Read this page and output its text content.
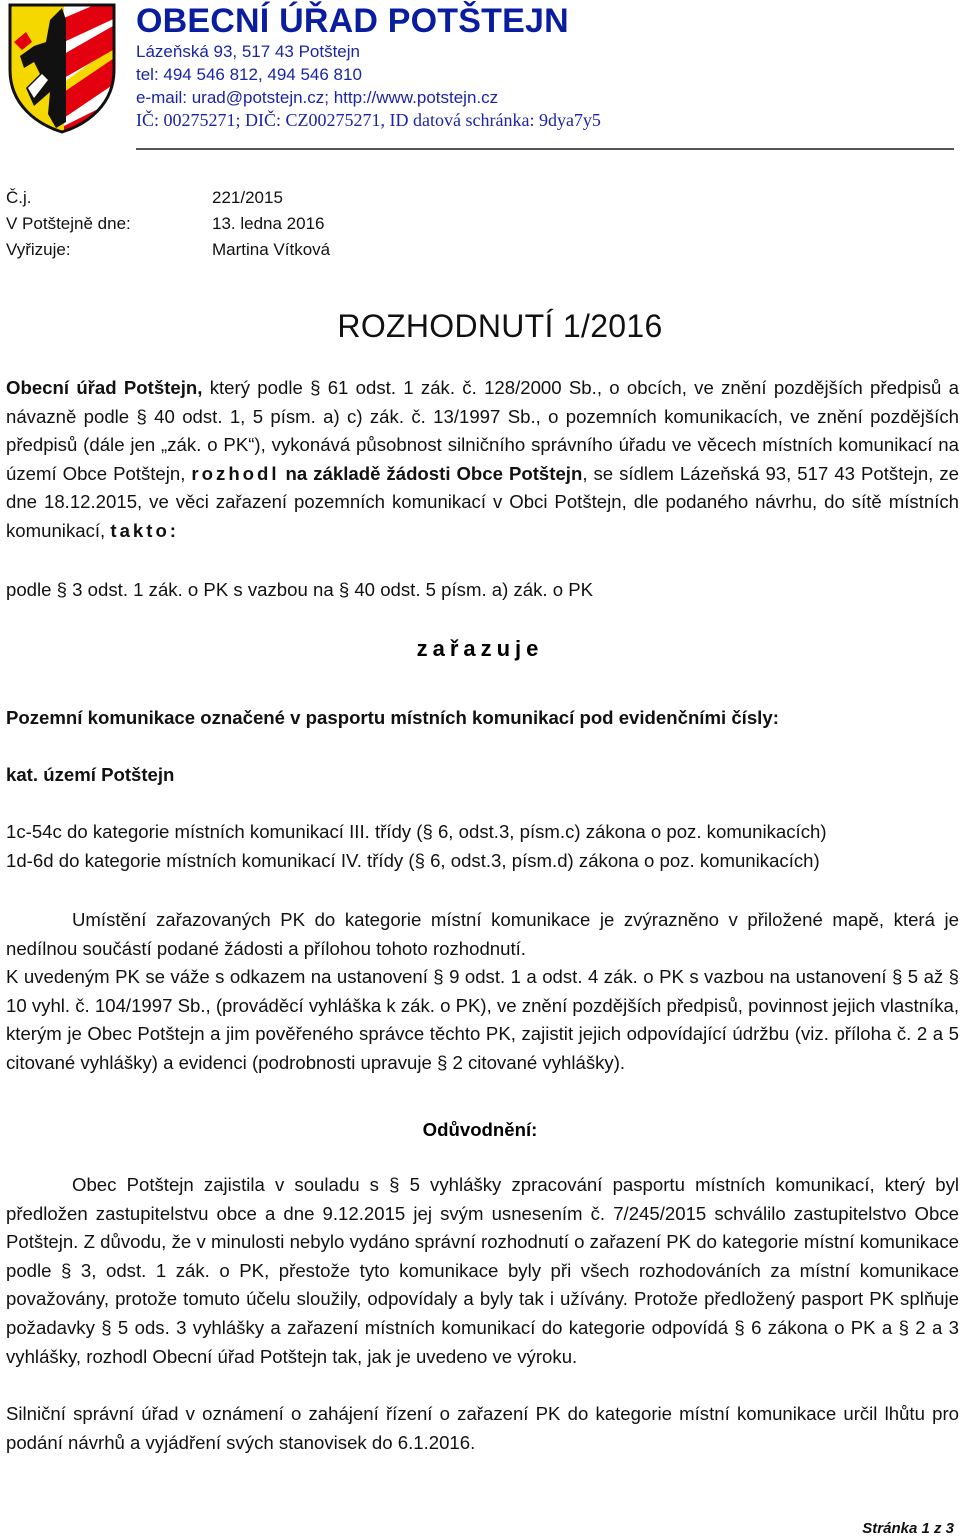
OBECNÍ ÚŘAD POTŠTEJN
Lázeňská 93, 517 43 Potštejn
tel: 494 546 812, 494 546 810
e-mail: urad@potstejn.cz; http://www.potstejn.cz
IČ: 00275271; DIČ: CZ00275271, ID datová schránka: 9dya7y5
Č.j.	221/2015
V Potštejně dne:	13. ledna 2016
Vyřizuje:	Martina Vítková
ROZHODNUTÍ 1/2016
Obecní úřad Potštejn, který podle § 61 odst. 1 zák. č. 128/2000 Sb., o obcích, ve znění pozdějších předpisů a návazně podle § 40 odst. 1, 5 písm. a) c) zák. č. 13/1997 Sb., o pozemních komunikacích, ve znění pozdějších předpisů (dále jen „zák. o PK“), vykonává působnost silničního správního úřadu ve věcech místních komunikací na území Obce Potštejn, rozhodl na základě žádosti Obce Potštejn, se sídlem Lázeňská 93, 517 43 Potštejn, ze dne 18.12.2015, ve věci zařazení pozemních komunikací v Obci Potštejn, dle podaného návrhu, do sítě místních komunikací, takto:
podle § 3 odst. 1 zák. o PK s vazbou na § 40 odst. 5 písm. a) zák. o PK
zařazuje
Pozemní komunikace označené v pasportu místních komunikací pod evidenčními čísly:
kat. území Potštejn
1c-54c do kategorie místních komunikací III. třídy (§ 6, odst.3, písm.c) zákona o poz. komunikacích)
1d-6d do kategorie místních komunikací IV. třídy (§ 6, odst.3, písm.d) zákona o poz. komunikacích)
Umístění zařazovaných PK do kategorie místní komunikace je zvýrazněno v přiložené mapě, která je nedílnou součástí podané žádosti a přílohou tohoto rozhodnutí.
K uvedeným PK se váže s odkazem na ustanovení § 9 odst. 1 a odst. 4 zák. o PK s vazbou na ustanovení § 5 až § 10 vyhl. č. 104/1997 Sb., (prováděcí vyhláška k zák. o PK), ve znění pozdějších předpisů, povinnost jejich vlastníka, kterým je Obec Potštejn a jim pověřeného správce těchto PK, zajistit jejich odpovídající údržbu (viz. příloha č. 2 a 5 citované vyhlášky) a evidenci (podrobnosti upravuje § 2 citované vyhlášky).
Odůvodnění:
Obec Potštejn zajistila v souladu s § 5 vyhlášky zpracování pasportu místních komunikací, který byl předložen zastupitelstvu obce a dne 9.12.2015 jej svým usnesením č. 7/245/2015 schválilo zastupitelstvo Obce Potštejn. Z důvodu, že v minulosti nebylo vydáno správní rozhodnutí o zařazení PK do kategorie místní komunikace podle § 3, odst. 1 zák. o PK, přestože tyto komunikace byly při všech rozhodováních za místní komunikace považovány, protože tomuto účelu sloužily, odpovídaly a byly tak i užívány. Protože předložený pasport PK splňuje požadavky § 5 ods. 3 vyhlášky a zařazení místních komunikací do kategorie odpovídá § 6 zákona o PK a § 2 a 3 vyhlášky, rozhodl Obecní úřad Potštejn tak, jak je uvedeno ve výroku.
Silniční správní úřad v oznámení o zahájení řízení o zařazení PK do kategorie místní komunikace určil lhůtu pro podání návrhů a vyjádření svých stanovisek do 6.1.2016.
Stránka 1 z 3
